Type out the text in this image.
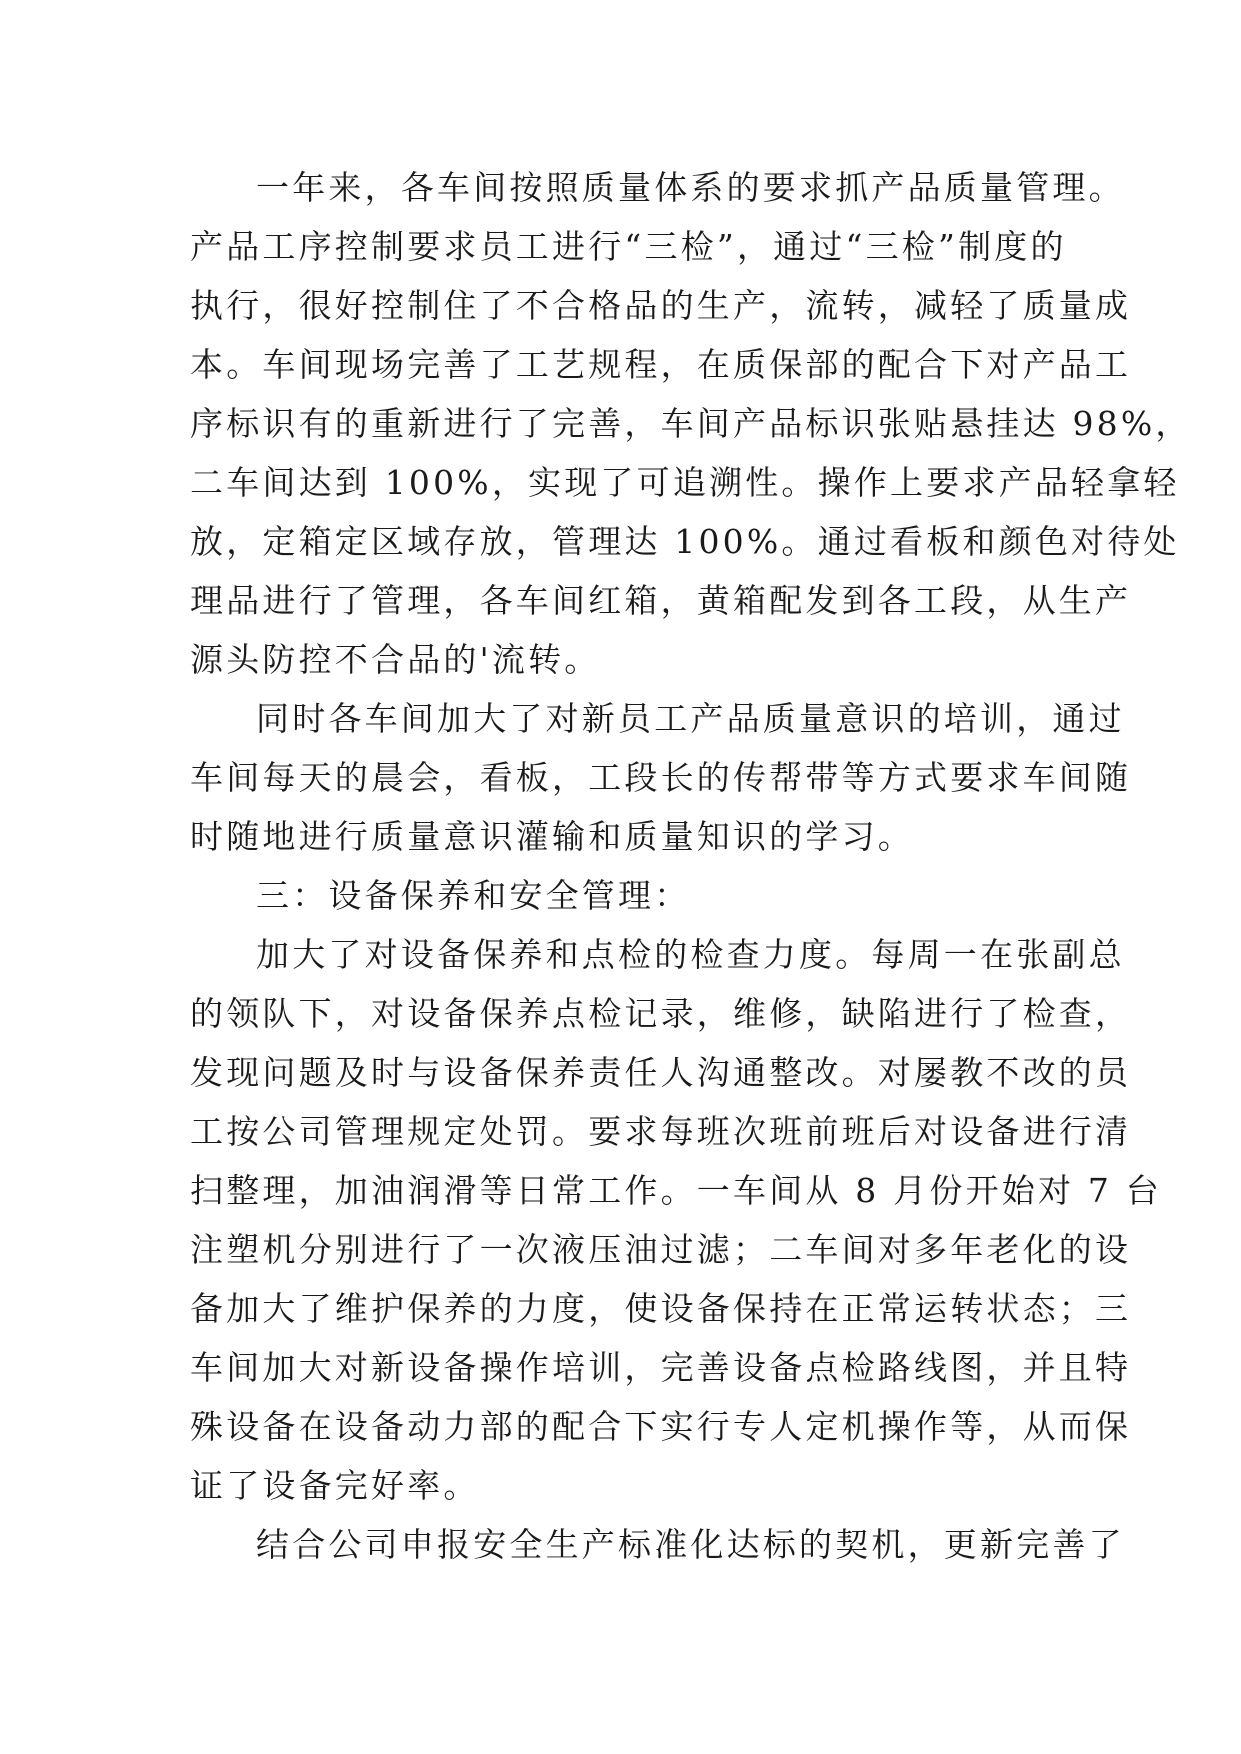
一年来，各车间按照质量体系的要求抓产品质量管理。
产品工序控制要求员工进行“三检”，通过“三检”制度的
执行，很好控制住了不合格品的生产，流转，减轻了质量成
本。车间现场完善了工艺规程，在质保部的配合下对产品工
序标识有的重新进行了完善，车间产品标识张贴悬挂达 98%，
二车间达到 100%，实现了可追溯性。操作上要求产品轻拿轻
放，定箱定区域存放，管理达 100%。通过看板和颜色对待处
理品进行了管理，各车间红箱，黄箱配发到各工段，从生产
源头防控不合品的'流转。
同时各车间加大了对新员工产品质量意识的培训，通过
车间每天的晨会，看板，工段长的传帮带等方式要求车间随
时随地进行质量意识灌输和质量知识的学习。
三：设备保养和安全管理：
加大了对设备保养和点检的检查力度。每周一在张副总
的领队下，对设备保养点检记录，维修，缺陷进行了检查，
发现问题及时与设备保养责任人沟通整改。对屡教不改的员
工按公司管理规定处罚。要求每班次班前班后对设备进行清
扫整理，加油润滑等日常工作。一车间从 8 月份开始对 7 台
注塑机分别进行了一次液压油过滤；二车间对多年老化的设
备加大了维护保养的力度，使设备保持在正常运转状态；三
车间加大对新设备操作培训，完善设备点检路线图，并且特
殊设备在设备动力部的配合下实行专人定机操作等，从而保
证了设备完好率。
结合公司申报安全生产标准化达标的契机，更新完善了
